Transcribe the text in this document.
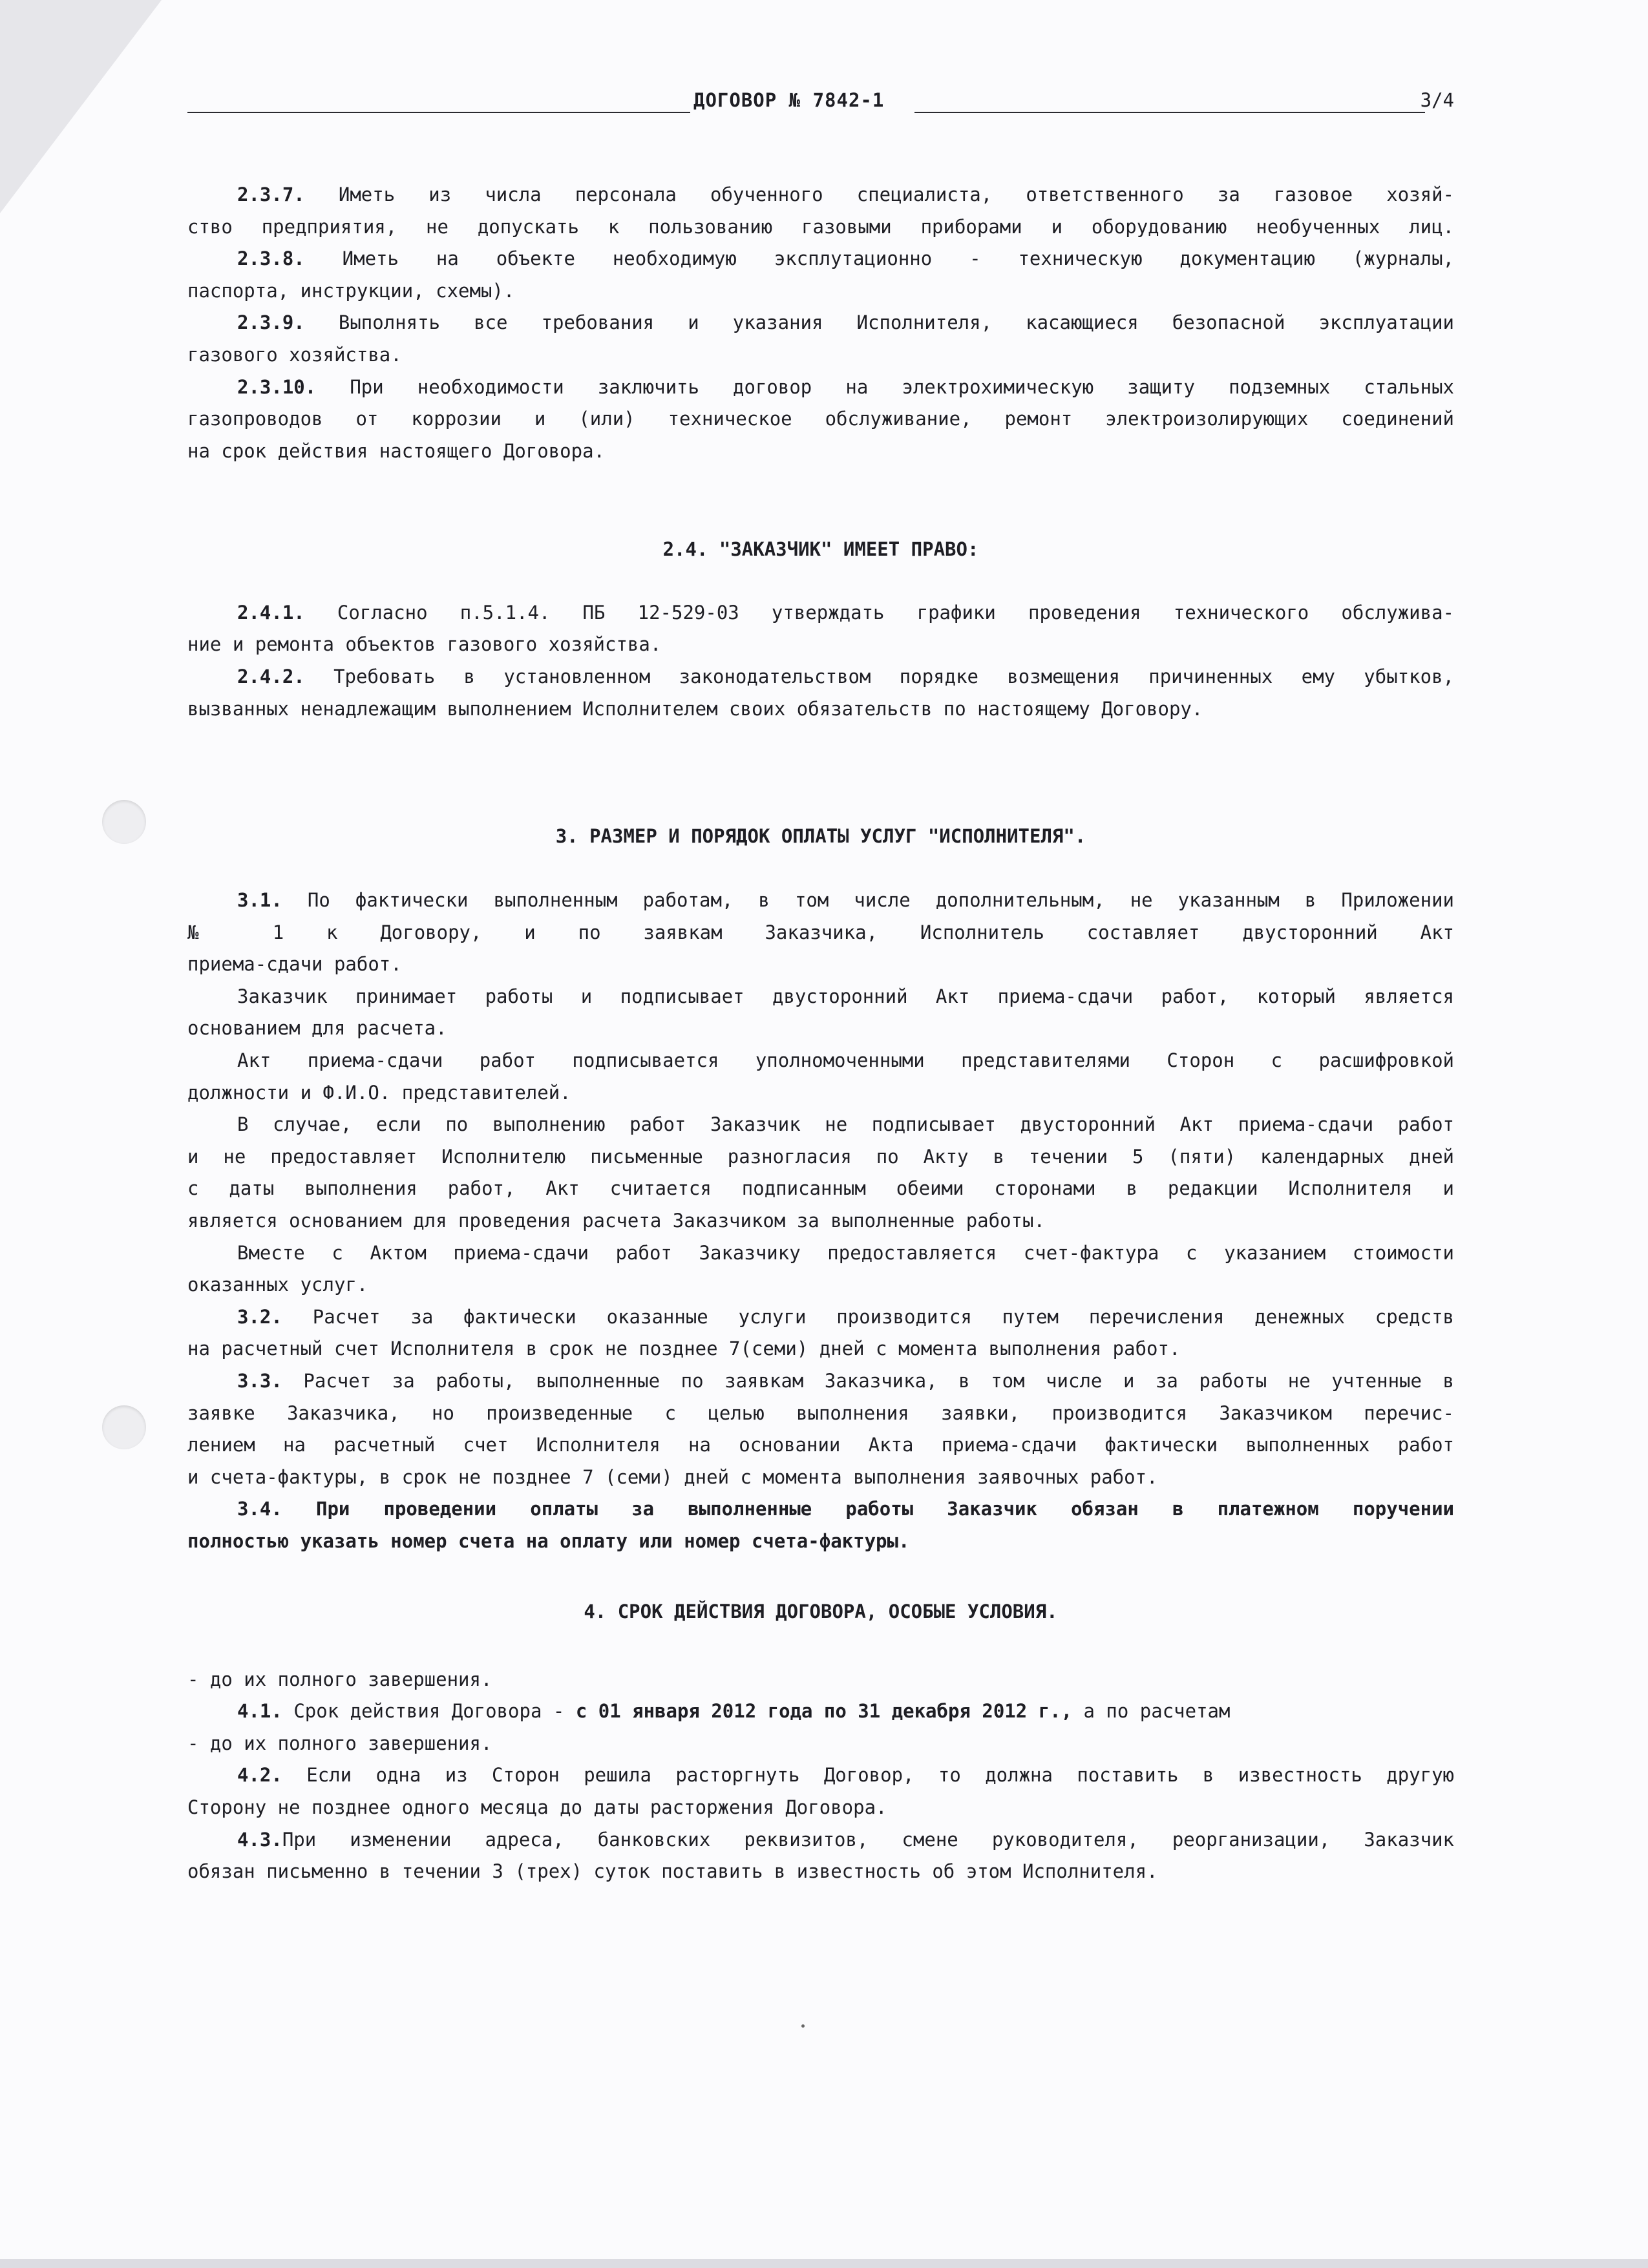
ДОГОВОР № 7842-1	3/4
2.3.7. Иметь из числа персонала обученного специалиста, ответственного за газовое хозяй-
ство предприятия, не допускать к пользованию газовыми приборами и оборудованию необученных лиц.
2.3.8. Иметь на объекте необходимую эксплутационно - техническую документацию (журналы,
паспорта, инструкции, схемы).
2.3.9. Выполнять все требования и указания Исполнителя, касающиеся безопасной эксплуатации
газового хозяйства.
2.3.10. При необходимости заключить договор на электрохимическую защиту подземных стальных
газопроводов от коррозии и (или) техническое обслуживание, ремонт электроизолирующих соединений
на срок действия настоящего Договора.
2.4. "ЗАКАЗЧИК" ИМЕЕТ ПРАВО:
2.4.1. Согласно п.5.1.4. ПБ 12-529-03 утверждать графики проведения технического обслужива-
ние и ремонта объектов газового хозяйства.
2.4.2. Требовать в установленном законодательством порядке возмещения причиненных ему убытков,
вызванных ненадлежащим выполнением Исполнителем своих обязательств по настоящему Договору.
3. РАЗМЕР И ПОРЯДОК ОПЛАТЫ УСЛУГ "ИСПОЛНИТЕЛЯ".
3.1. По фактически выполненным работам, в том числе дополнительным, не указанным в Приложении
№ 1 к Договору, и по заявкам Заказчика, Исполнитель составляет двусторонний Акт
приема-сдачи работ.
Заказчик принимает работы и подписывает двусторонний Акт приема-сдачи работ, который является
основанием для расчета.
Акт приема-сдачи работ подписывается уполномоченными представителями Сторон с расшифровкой
должности и Ф.И.О. представителей.
В случае, если по выполнению работ Заказчик не подписывает двусторонний Акт приема-сдачи работ
и не предоставляет Исполнителю письменные разногласия по Акту в течении 5 (пяти) календарных дней
с даты выполнения работ, Акт считается подписанным обеими сторонами в редакции Исполнителя и
является основанием для проведения расчета Заказчиком за выполненные работы.
Вместе с Актом приема-сдачи работ Заказчику предоставляется счет-фактура с указанием стоимости
оказанных услуг.
3.2. Расчет за фактически оказанные услуги производится путем перечисления денежных средств
на расчетный счет Исполнителя в срок не позднее 7(семи) дней с момента выполнения работ.
3.3. Расчет за работы, выполненные по заявкам Заказчика, в том числе и за работы не учтенные в
заявке Заказчика, но произведенные с целью выполнения заявки, производится Заказчиком перечис-
лением на расчетный счет Исполнителя на основании Акта приема-сдачи фактически выполненных работ
и счета-фактуры, в срок не позднее 7 (семи) дней с момента выполнения заявочных работ.
3.4. При проведении оплаты за выполненные работы Заказчик обязан в платежном поручении
полностью указать номер счета на оплату или номер счета-фактуры.
4. СРОК ДЕЙСТВИЯ ДОГОВОРА, ОСОБЫЕ УСЛОВИЯ.
- до их полного завершения.
4.1. Срок действия Договора - с 01 января 2012 года по 31 декабря 2012 г., а по расчетам
- до их полного завершения.
4.2. Если одна из Сторон решила расторгнуть Договор, то должна поставить в известность другую
Сторону не позднее одного месяца до даты расторжения Договора.
4.3.При изменении адреса, банковских реквизитов, смене руководителя, реорганизации, Заказчик
обязан письменно в течении 3 (трех) суток поставить в известность об этом Исполнителя.
